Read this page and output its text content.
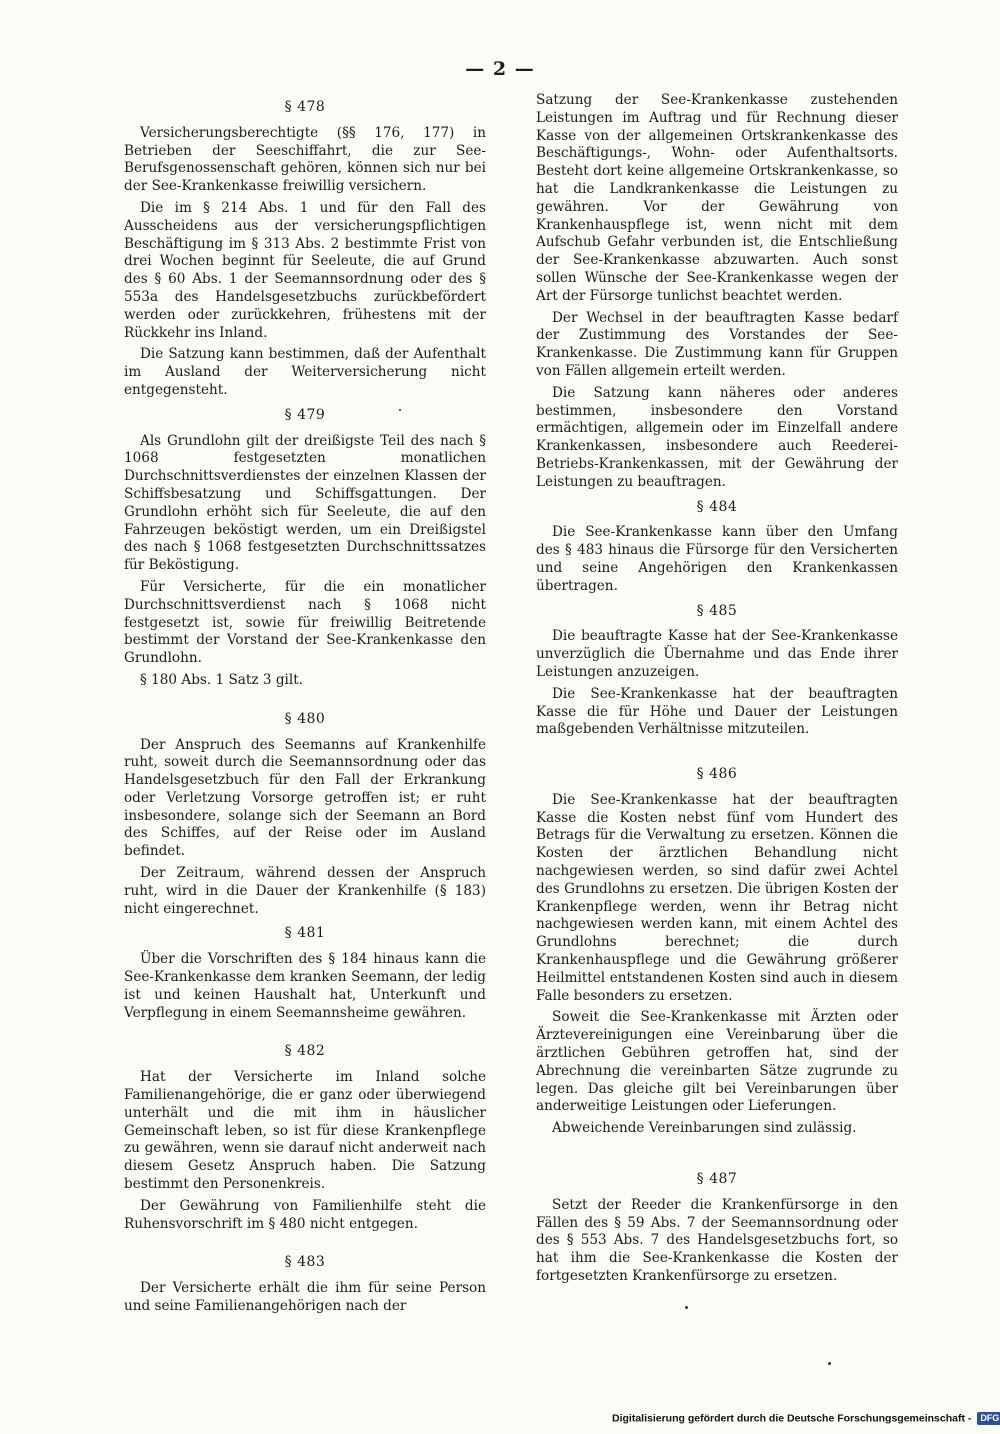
— 2 —
§ 478

Versicherungsberechtigte (§§ 176, 177) in Betrieben der Seeschiffahrt, die zur See-Berufsgenossenschaft gehören, können sich nur bei der See-Krankenkasse freiwillig versichern.

Die im § 214 Abs. 1 und für den Fall des Ausscheidens aus der versicherungspflichtigen Beschäftigung im § 313 Abs. 2 bestimmte Frist von drei Wochen beginnt für Seeleute, die auf Grund des § 60 Abs. 1 der Seemannsordnung oder des § 553a des Handelsgesetzbuchs zurückbefördert werden oder zurückkehren, frühestens mit der Rückkehr ins Inland.

Die Satzung kann bestimmen, daß der Aufenthalt im Ausland der Weiterversicherung nicht entgegensteht.

§ 479

Als Grundlohn gilt der dreißigste Teil des nach § 1068 festgesetzten monatlichen Durchschnittsverdienstes der einzelnen Klassen der Schiffsbesatzung und Schiffsgattungen. Der Grundlohn erhöht sich für Seeleute, die auf den Fahrzeugen beköstigt werden, um ein Dreißigstel des nach § 1068 festgesetzten Durchschnittssatzes für Beköstigung.

Für Versicherte, für die ein monatlicher Durchschnittsverdienst nach § 1068 nicht festgesetzt ist, sowie für freiwillig Beitretende bestimmt der Vorstand der See-Krankenkasse den Grundlohn.

§ 180 Abs. 1 Satz 3 gilt.

§ 480

Der Anspruch des Seemanns auf Krankenhilfe ruht, soweit durch die Seemannsordnung oder das Handelsgesetzbuch für den Fall der Erkrankung oder Verletzung Vorsorge getroffen ist; er ruht insbesondere, solange sich der Seemann an Bord des Schiffes, auf der Reise oder im Ausland befindet.

Der Zeitraum, während dessen der Anspruch ruht, wird in die Dauer der Krankenhilfe (§ 183) nicht eingerechnet.

§ 481

Über die Vorschriften des § 184 hinaus kann die See-Krankenkasse dem kranken Seemann, der ledig ist und keinen Haushalt hat, Unterkunft und Verpflegung in einem Seemannsheime gewähren.

§ 482

Hat der Versicherte im Inland solche Familienangehörige, die er ganz oder überwiegend unterhält und die mit ihm in häuslicher Gemeinschaft leben, so ist für diese Krankenpflege zu gewähren, wenn sie darauf nicht anderweit nach diesem Gesetz Anspruch haben. Die Satzung bestimmt den Personenkreis.

Der Gewährung von Familienhilfe steht die Ruhensvorschrift im § 480 nicht entgegen.

§ 483

Der Versicherte erhält die ihm für seine Person und seine Familienangehörigen nach der

Satzung der See-Krankenkasse zustehenden Leistungen im Auftrag und für Rechnung dieser Kasse von der allgemeinen Ortskrankenkasse des Beschäftigungs-, Wohn- oder Aufenthaltsorts. Besteht dort keine allgemeine Ortskrankenkasse, so hat die Landkrankenkasse die Leistungen zu gewähren. Vor der Gewährung von Krankenhauspflege ist, wenn nicht mit dem Aufschub Gefahr verbunden ist, die Entschließung der See-Krankenkasse abzuwarten. Auch sonst sollen Wünsche der See-Krankenkasse wegen der Art der Fürsorge tunlichst beachtet werden.

Der Wechsel in der beauftragten Kasse bedarf der Zustimmung des Vorstandes der See-Krankenkasse. Die Zustimmung kann für Gruppen von Fällen allgemein erteilt werden.

Die Satzung kann näheres oder anderes bestimmen, insbesondere den Vorstand ermächtigen, allgemein oder im Einzelfall andere Krankenkassen, insbesondere auch Reederei-Betriebs-Krankenkassen, mit der Gewährung der Leistungen zu beauftragen.

§ 484

Die See-Krankenkasse kann über den Umfang des § 483 hinaus die Fürsorge für den Versicherten und seine Angehörigen den Krankenkassen übertragen.

§ 485

Die beauftragte Kasse hat der See-Krankenkasse unverzüglich die Übernahme und das Ende ihrer Leistungen anzuzeigen.

Die See-Krankenkasse hat der beauftragten Kasse die für Höhe und Dauer der Leistungen maßgebenden Verhältnisse mitzuteilen.

§ 486

Die See-Krankenkasse hat der beauftragten Kasse die Kosten nebst fünf vom Hundert des Betrags für die Verwaltung zu ersetzen. Können die Kosten der ärztlichen Behandlung nicht nachgewiesen werden, so sind dafür zwei Achtel des Grundlohns zu ersetzen. Die übrigen Kosten der Krankenpflege werden, wenn ihr Betrag nicht nachgewiesen werden kann, mit einem Achtel des Grundlohns berechnet; die durch Krankenhauspflege und die Gewährung größerer Heilmittel entstandenen Kosten sind auch in diesem Falle besonders zu ersetzen.

Soweit die See-Krankenkasse mit Ärzten oder Ärztevereinigungen eine Vereinbarung über die ärztlichen Gebühren getroffen hat, sind der Abrechnung die vereinbarten Sätze zugrunde zu legen. Das gleiche gilt bei Vereinbarungen über anderweitige Leistungen oder Lieferungen.

Abweichende Vereinbarungen sind zulässig.

§ 487

Setzt der Reeder die Krankenfürsorge in den Fällen des § 59 Abs. 7 der Seemannsordnung oder des § 553 Abs. 7 des Handelsgesetzbuchs fort, so hat ihm die See-Krankenkasse die Kosten der fortgesetzten Krankenfürsorge zu ersetzen.

Digitalisierung gefördert durch die Deutsche Forschungsgemeinschaft - DFG
